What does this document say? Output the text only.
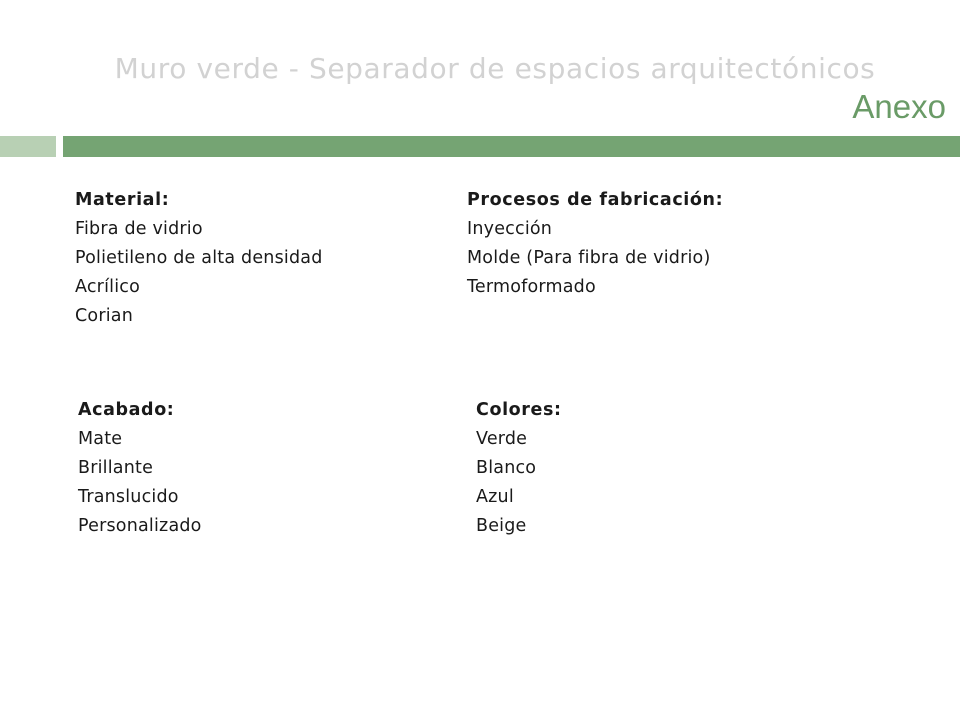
Muro verde - Separador de espacios arquitectónicos
Anexo
Material:
Fibra de vidrio
Polietileno de alta densidad
Acrílico
Corian
Procesos de fabricación:
Inyección
Molde (Para fibra de vidrio)
Termoformado
Acabado:
Mate
Brillante
Translucido
Personalizado
Colores:
Verde
Blanco
Azul
Beige
